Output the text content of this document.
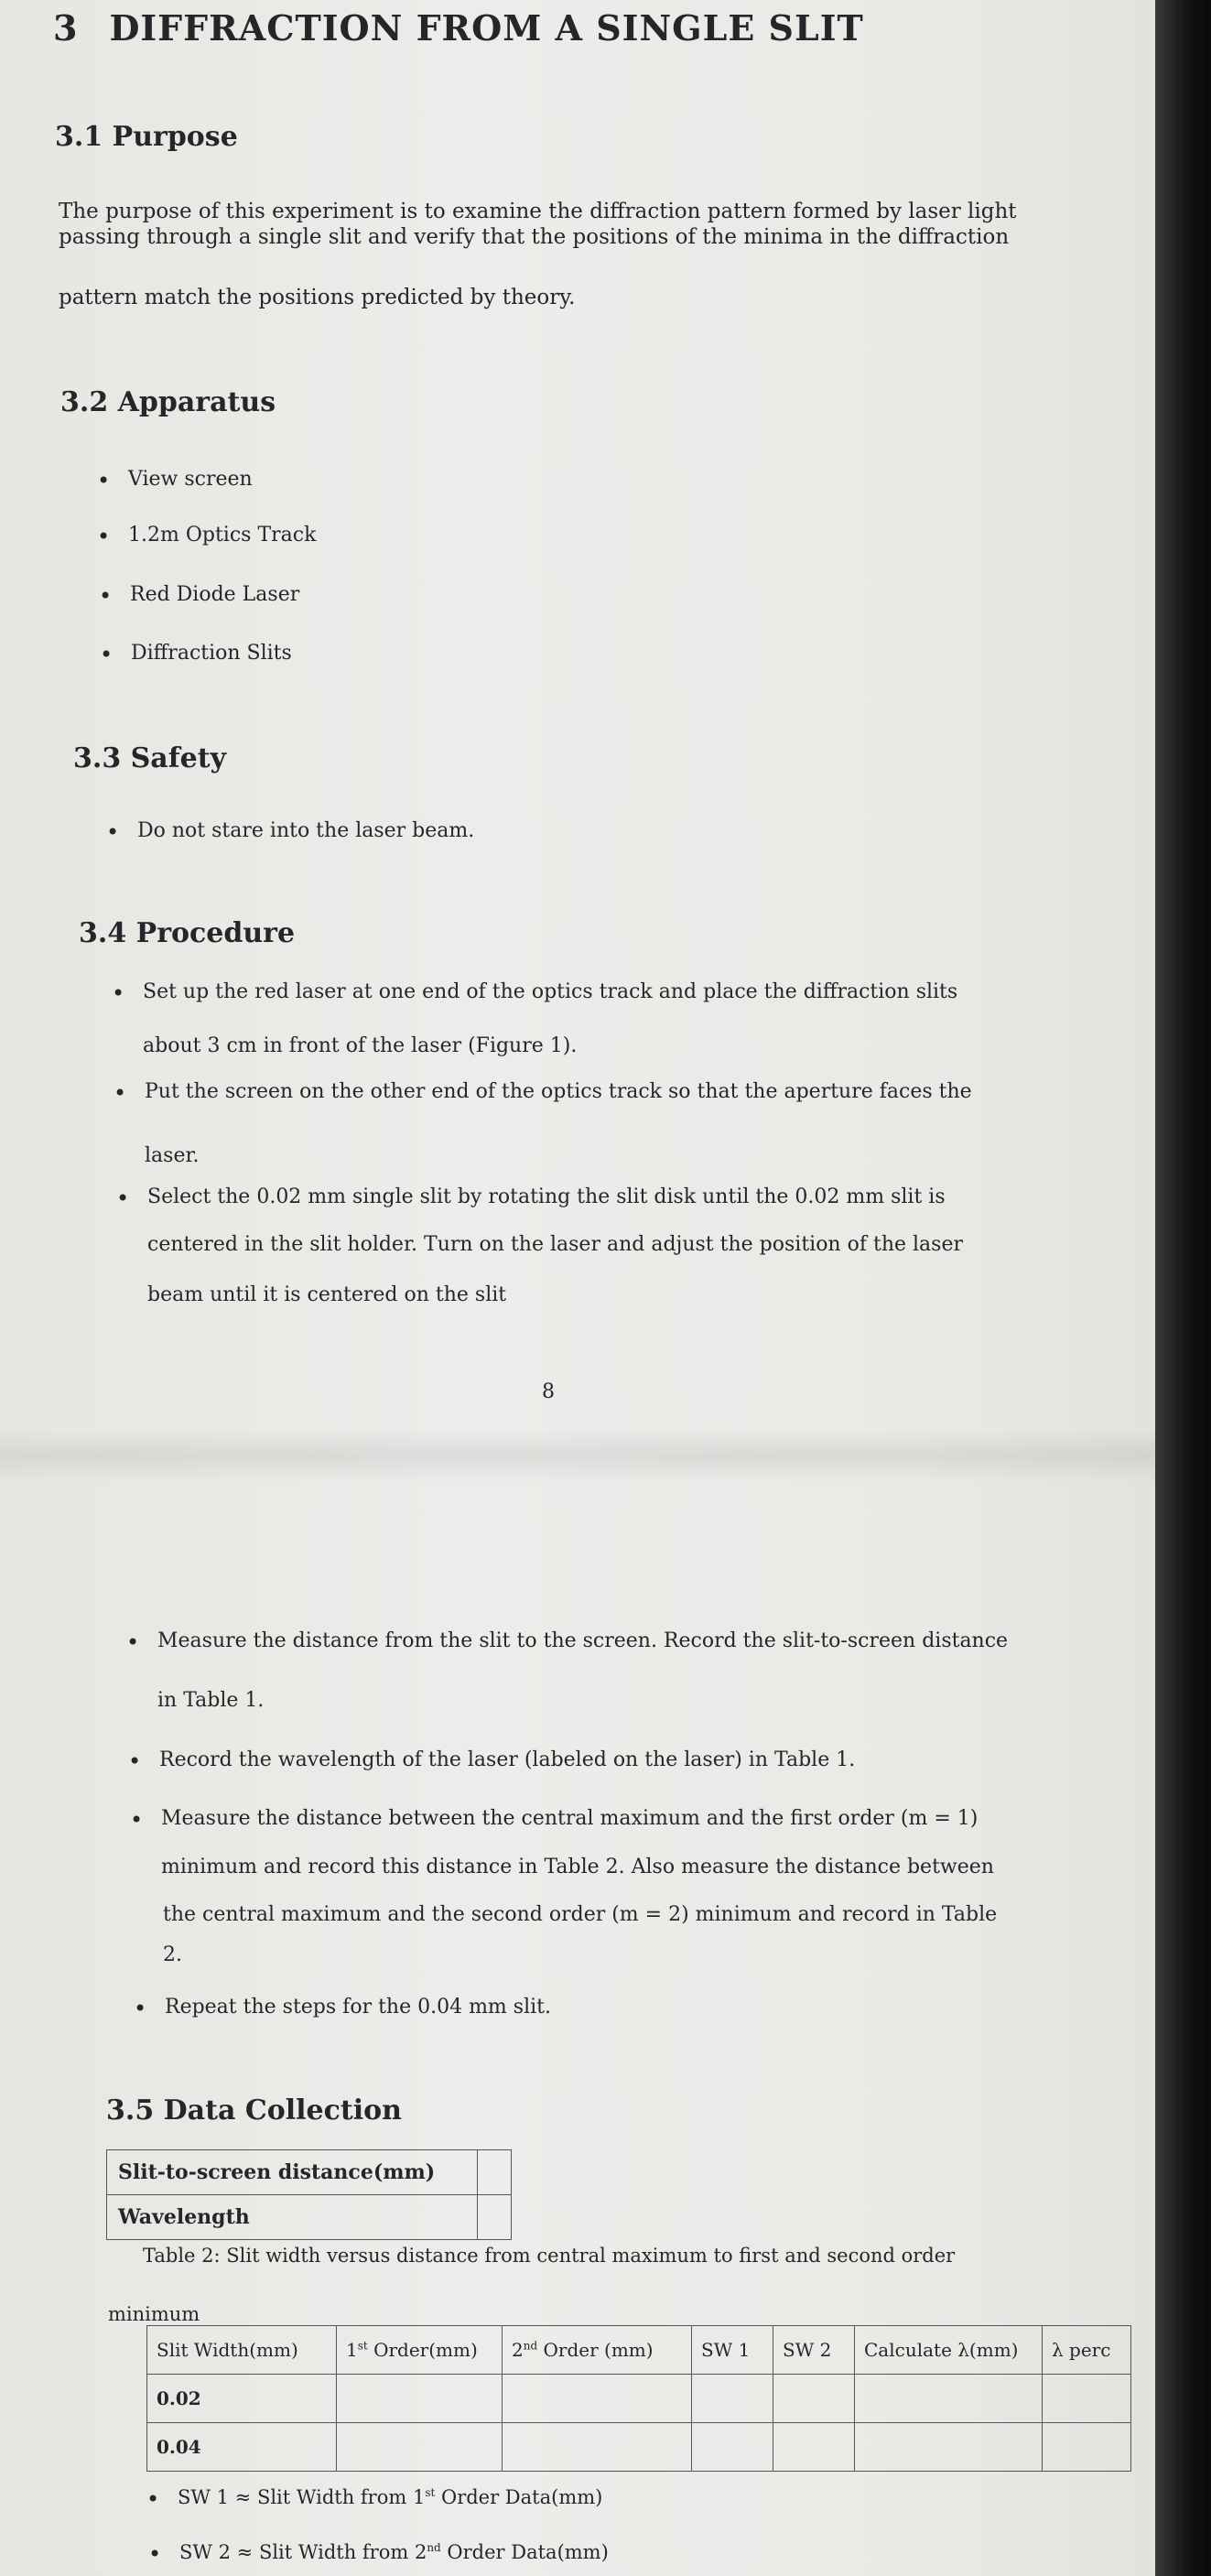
3 DIFFRACTION FROM A SINGLE SLIT
3.1 Purpose
The purpose of this experiment is to examine the diffraction pattern formed by laser light
passing through a single slit and verify that the positions of the minima in the diffraction
pattern match the positions predicted by theory.
3.2 Apparatus
• View screen
• 1.2m Optics Track
• Red Diode Laser
• Diffraction Slits
3.3 Safety
• Do not stare into the laser beam.
3.4 Procedure
• Set up the red laser at one end of the optics track and place the diffraction slits
about 3 cm in front of the laser (Figure 1).
• Put the screen on the other end of the optics track so that the aperture faces the
laser.
• Select the 0.02 mm single slit by rotating the slit disk until the 0.02 mm slit is
centered in the slit holder. Turn on the laser and adjust the position of the laser
beam until it is centered on the slit
8
• Measure the distance from the slit to the screen. Record the slit-to-screen distance
in Table 1.
• Record the wavelength of the laser (labeled on the laser) in Table 1.
• Measure the distance between the central maximum and the first order (m = 1)
minimum and record this distance in Table 2. Also measure the distance between
the central maximum and the second order (m = 2) minimum and record in Table
2.
• Repeat the steps for the 0.04 mm slit.
3.5 Data Collection
Slit-to-screen distance(mm)	
Wavelength	
Table 2: Slit width versus distance from central maximum to first and second order
minimum
Slit Width(mm)	1st Order(mm)	2nd Order (mm)	SW 1	SW 2	Calculate λ(mm)	λ perc
0.02						
0.04						
• SW 1 ≈ Slit Width from 1st Order Data(mm)
• SW 2 ≈ Slit Width from 2nd Order Data(mm)
